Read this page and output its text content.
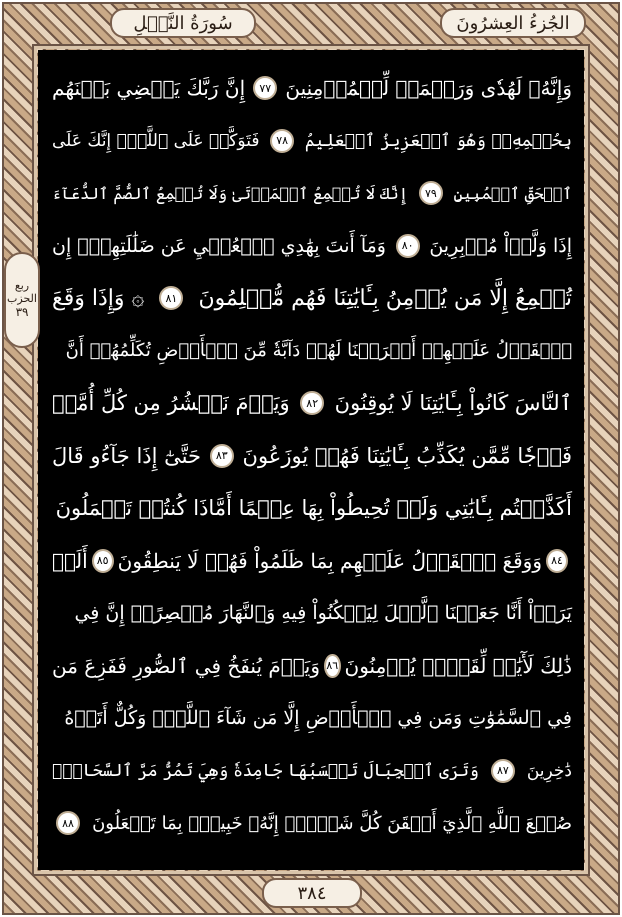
الجُزءُ العِشرُونَ
سُورَةُ النَّمۡلِ
ربع
الحزب
٣٩
وَإِنَّهُۥ لَهُدٗى وَرَحۡمَةٞ لِّلۡمُؤۡمِنِينَ
٧٧
إِنَّ رَبَّكَ يَقۡضِي بَيۡنَهُم
بِحُكۡمِهِۦۚ وَهُوَ ٱلۡعَزِيزُ ٱلۡعَلِيمُ
٧٨
فَتَوَكَّلۡ عَلَى ٱللَّهِۖ إِنَّكَ عَلَى
ٱلۡحَقِّ ٱلۡمُبِينِ
٧٩
إِنَّكَ لَا تُسۡمِعُ ٱلۡمَوۡتَىٰ وَلَا تُسۡمِعُ ٱلصُّمَّ ٱلدُّعَآءَ
إِذَا وَلَّوۡاْ مُدۡبِرِينَ
٨٠
وَمَآ أَنتَ بِهَٰدِي ٱلۡعُمۡيِ عَن ضَلَٰلَتِهِمۡۖ إِن
تُسۡمِعُ إِلَّا مَن يُؤۡمِنُ بِـَٔايَٰتِنَا فَهُم مُّسۡلِمُونَ
٨١
۞ وَإِذَا وَقَعَ
ٱلۡقَوۡلُ عَلَيۡهِمۡ أَخۡرَجۡنَا لَهُمۡ دَآبَّةٗ مِّنَ ٱلۡأَرۡضِ تُكَلِّمُهُمۡ أَنَّ
ٱلنَّاسَ كَانُواْ بِـَٔايَٰتِنَا لَا يُوقِنُونَ
٨٢
وَيَوۡمَ نَحۡشُرُ مِن كُلِّ أُمَّةٖ
فَوۡجٗا مِّمَّن يُكَذِّبُ بِـَٔايَٰتِنَا فَهُمۡ يُوزَعُونَ
٨٣
حَتَّىٰٓ إِذَا جَآءُو قَالَ
أَكَذَّبۡتُم بِـَٔايَٰتِي وَلَمۡ تُحِيطُواْ بِهَا عِلۡمًا أَمَّاذَا كُنتُمۡ تَعۡمَلُونَ
٨٤
وَوَقَعَ ٱلۡقَوۡلُ عَلَيۡهِم بِمَا ظَلَمُواْ فَهُمۡ لَا يَنطِقُونَ
٨٥
أَلَمۡ
يَرَوۡاْ أَنَّا جَعَلۡنَا ٱلَّيۡلَ لِيَسۡكُنُواْ فِيهِ وَٱلنَّهَارَ مُبۡصِرًاۚ إِنَّ فِي
ذَٰلِكَ لَأٓيَٰتٖ لِّقَوۡمٖ يُؤۡمِنُونَ
٨٦
وَيَوۡمَ يُنفَخُ فِي ٱلصُّورِ فَفَزِعَ مَن
فِي ٱلسَّمَٰوَٰتِ وَمَن فِي ٱلۡأَرۡضِ إِلَّا مَن شَآءَ ٱللَّهُۚ وَكُلٌّ أَتَوۡهُ
دَٰخِرِينَ
٨٧
وَتَرَى ٱلۡجِبَالَ تَحۡسَبُهَا جَامِدَةٗ وَهِيَ تَمُرُّ مَرَّ ٱلسَّحَابِۚ
صُنۡعَ ٱللَّهِ ٱلَّذِيٓ أَتۡقَنَ كُلَّ شَيۡءٍۚ إِنَّهُۥ خَبِيرُۢ بِمَا تَفۡعَلُونَ
٨٨
٣٨٤
